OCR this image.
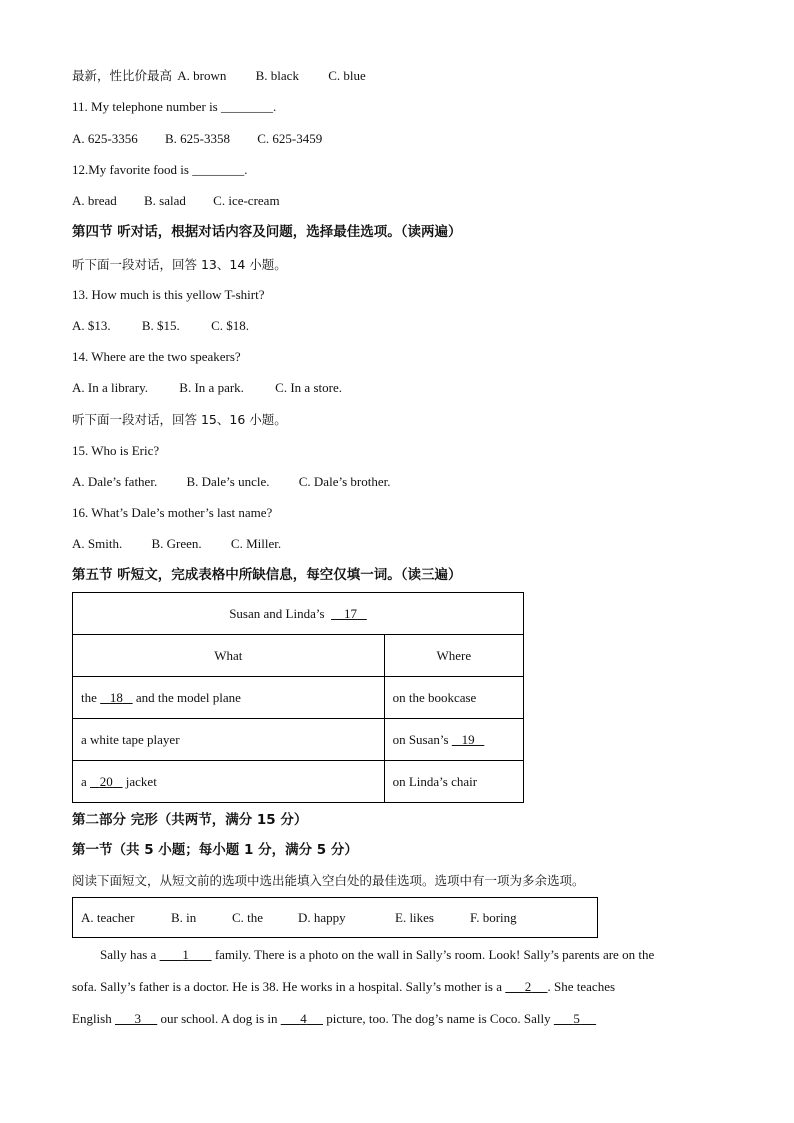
最新，性比价最高 A. brown B. black C. blue
11. My telephone number is ________.
A. 625-3356 B. 625-3358 C. 625-3459
12.My favorite food is ________.
A. bread B. salad C. ice-cream
第四节 听对话，根据对话内容及问题，选择最佳选项。（读两遍）
听下面一段对话，回答 13、14 小题。
13. How much is this yellow T-shirt?
A. $13. B. $15. C. $18.
14. Where are the two speakers?
A. In a library. B. In a park. C. In a store.
听下面一段对话，回答 15、16 小题。
15. Who is Eric?
A. Dale’s father. B. Dale’s uncle. C. Dale’s brother.
16. What’s Dale’s mother’s last name?
A. Smith. B. Green. C. Miller.
第五节 听短文，完成表格中所缺信息，每空仅填一词。（读三遍）
Susan and Linda’s 17	
What	Where
the 18 and the model plane	on the bookcase
a white tape player	on Susan’s 19
a 20 jacket	on Linda’s chair
第二部分 完形（共两节，满分 15 分）
第一节（共 5 小题；每小题 1 分，满分 5 分）
阅读下面短文，从短文前的选项中选出能填入空白处的最佳选项。选项中有一项为多余选项。
A. teacher	B. in	C. the	D. happy	E. likes	F. boring
Sally has a 1 family. There is a photo on the wall in Sally’s room. Look! Sally’s parents are on the
sofa. Sally’s father is a doctor. He is 38. He works in a hospital. Sally’s mother is a 2 . She teaches
English 3 our school. A dog is in 4 picture, too. The dog’s name is Coco. Sally 5
